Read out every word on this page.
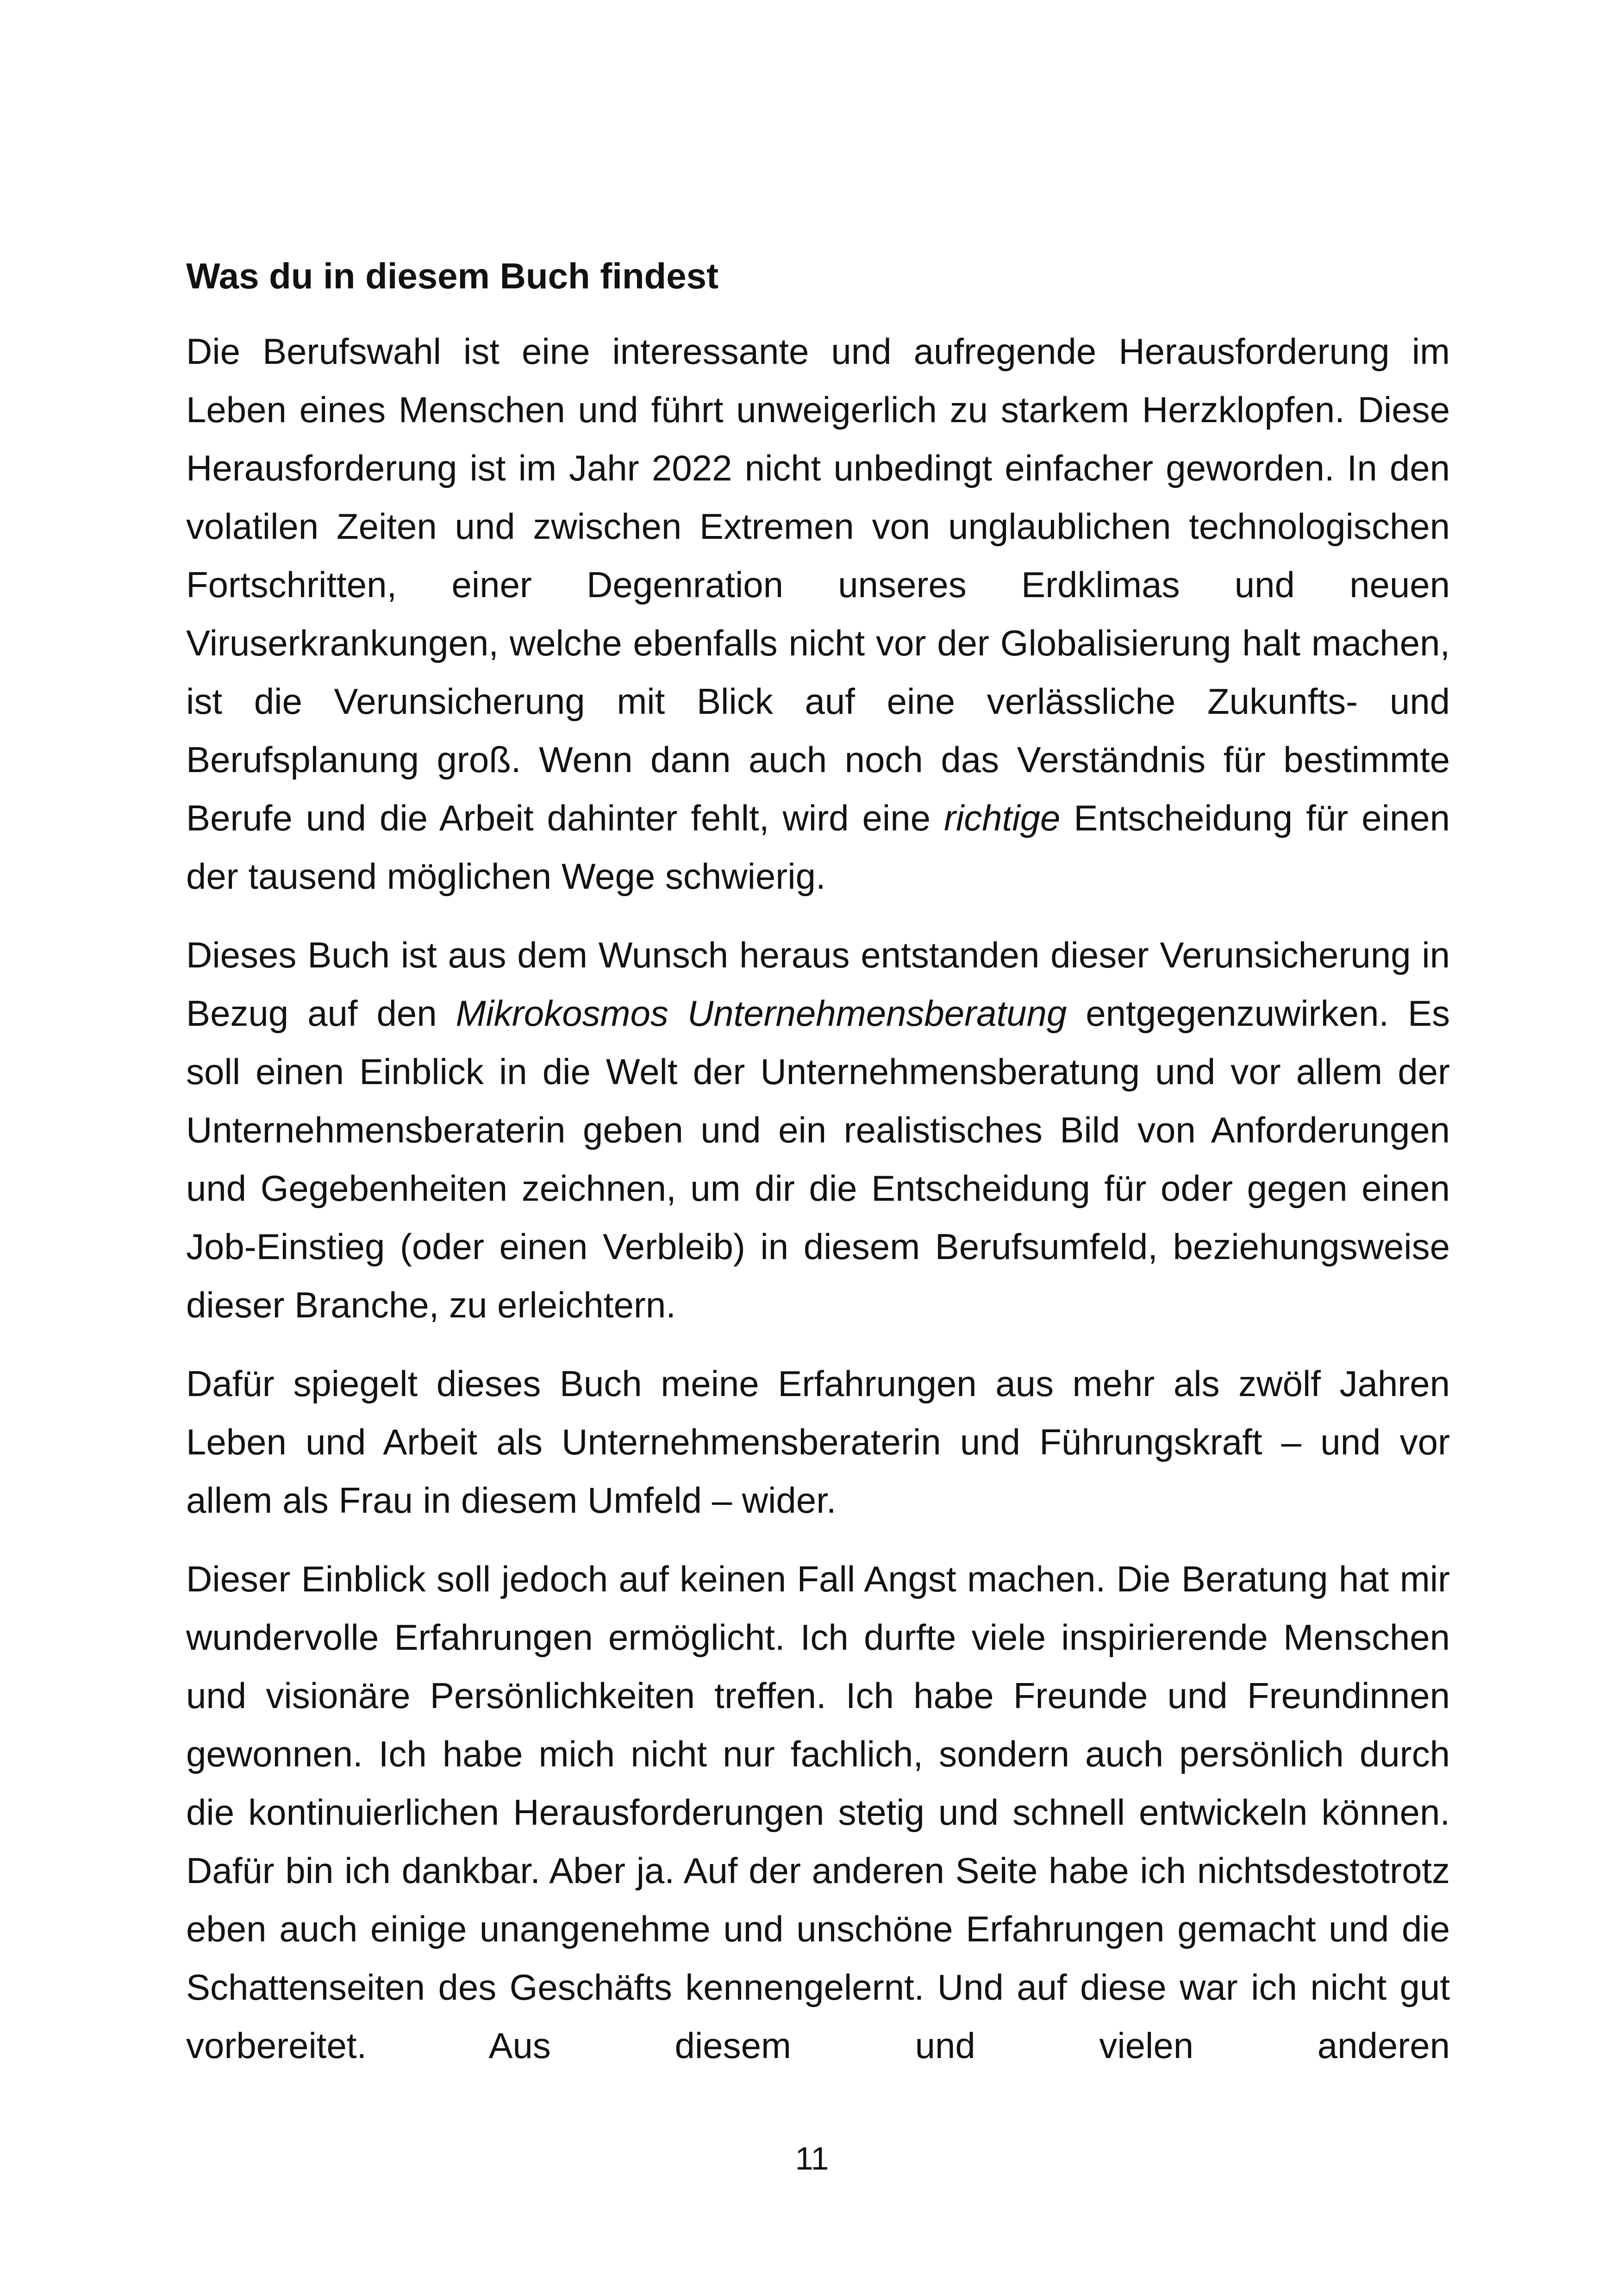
Was du in diesem Buch findest

Die Berufswahl ist eine interessante und aufregende Herausforderung im Leben eines Menschen und führt unweigerlich zu starkem Herzklopfen. Diese Herausforderung ist im Jahr 2022 nicht unbedingt einfacher geworden. In den volatilen Zeiten und zwischen Extremen von unglaublichen technologischen Fortschritten, einer Degenration unseres Erdklimas und neuen Viruserkrankungen, welche ebenfalls nicht vor der Globalisierung halt machen, ist die Verunsicherung mit Blick auf eine verlässliche Zukunfts- und Berufsplanung groß. Wenn dann auch noch das Verständnis für bestimmte Berufe und die Arbeit dahinter fehlt, wird eine richtige Entscheidung für einen der tausend möglichen Wege schwierig.

Dieses Buch ist aus dem Wunsch heraus entstanden dieser Verunsicherung in Bezug auf den Mikrokosmos Unternehmensberatung entgegenzuwirken. Es soll einen Einblick in die Welt der Unternehmensberatung und vor allem der Unternehmensberaterin geben und ein realistisches Bild von Anforderungen und Gegebenheiten zeichnen, um dir die Entscheidung für oder gegen einen Job-Einstieg (oder einen Verbleib) in diesem Berufsumfeld, beziehungsweise dieser Branche, zu erleichtern.

Dafür spiegelt dieses Buch meine Erfahrungen aus mehr als zwölf Jahren Leben und Arbeit als Unternehmensberaterin und Führungskraft – und vor allem als Frau in diesem Umfeld – wider.

Dieser Einblick soll jedoch auf keinen Fall Angst machen. Die Beratung hat mir wundervolle Erfahrungen ermöglicht. Ich durfte viele inspirierende Menschen und visionäre Persönlichkeiten treffen. Ich habe Freunde und Freundinnen gewonnen. Ich habe mich nicht nur fachlich, sondern auch persönlich durch die kontinuierlichen Herausforderungen stetig und schnell entwickeln können. Dafür bin ich dankbar. Aber ja. Auf der anderen Seite habe ich nichtsdestotrotz eben auch einige unangenehme und unschöne Erfahrungen gemacht und die Schattenseiten des Geschäfts kennengelernt. Und auf diese war ich nicht gut vorbereitet. Aus diesem und vielen anderen

11
